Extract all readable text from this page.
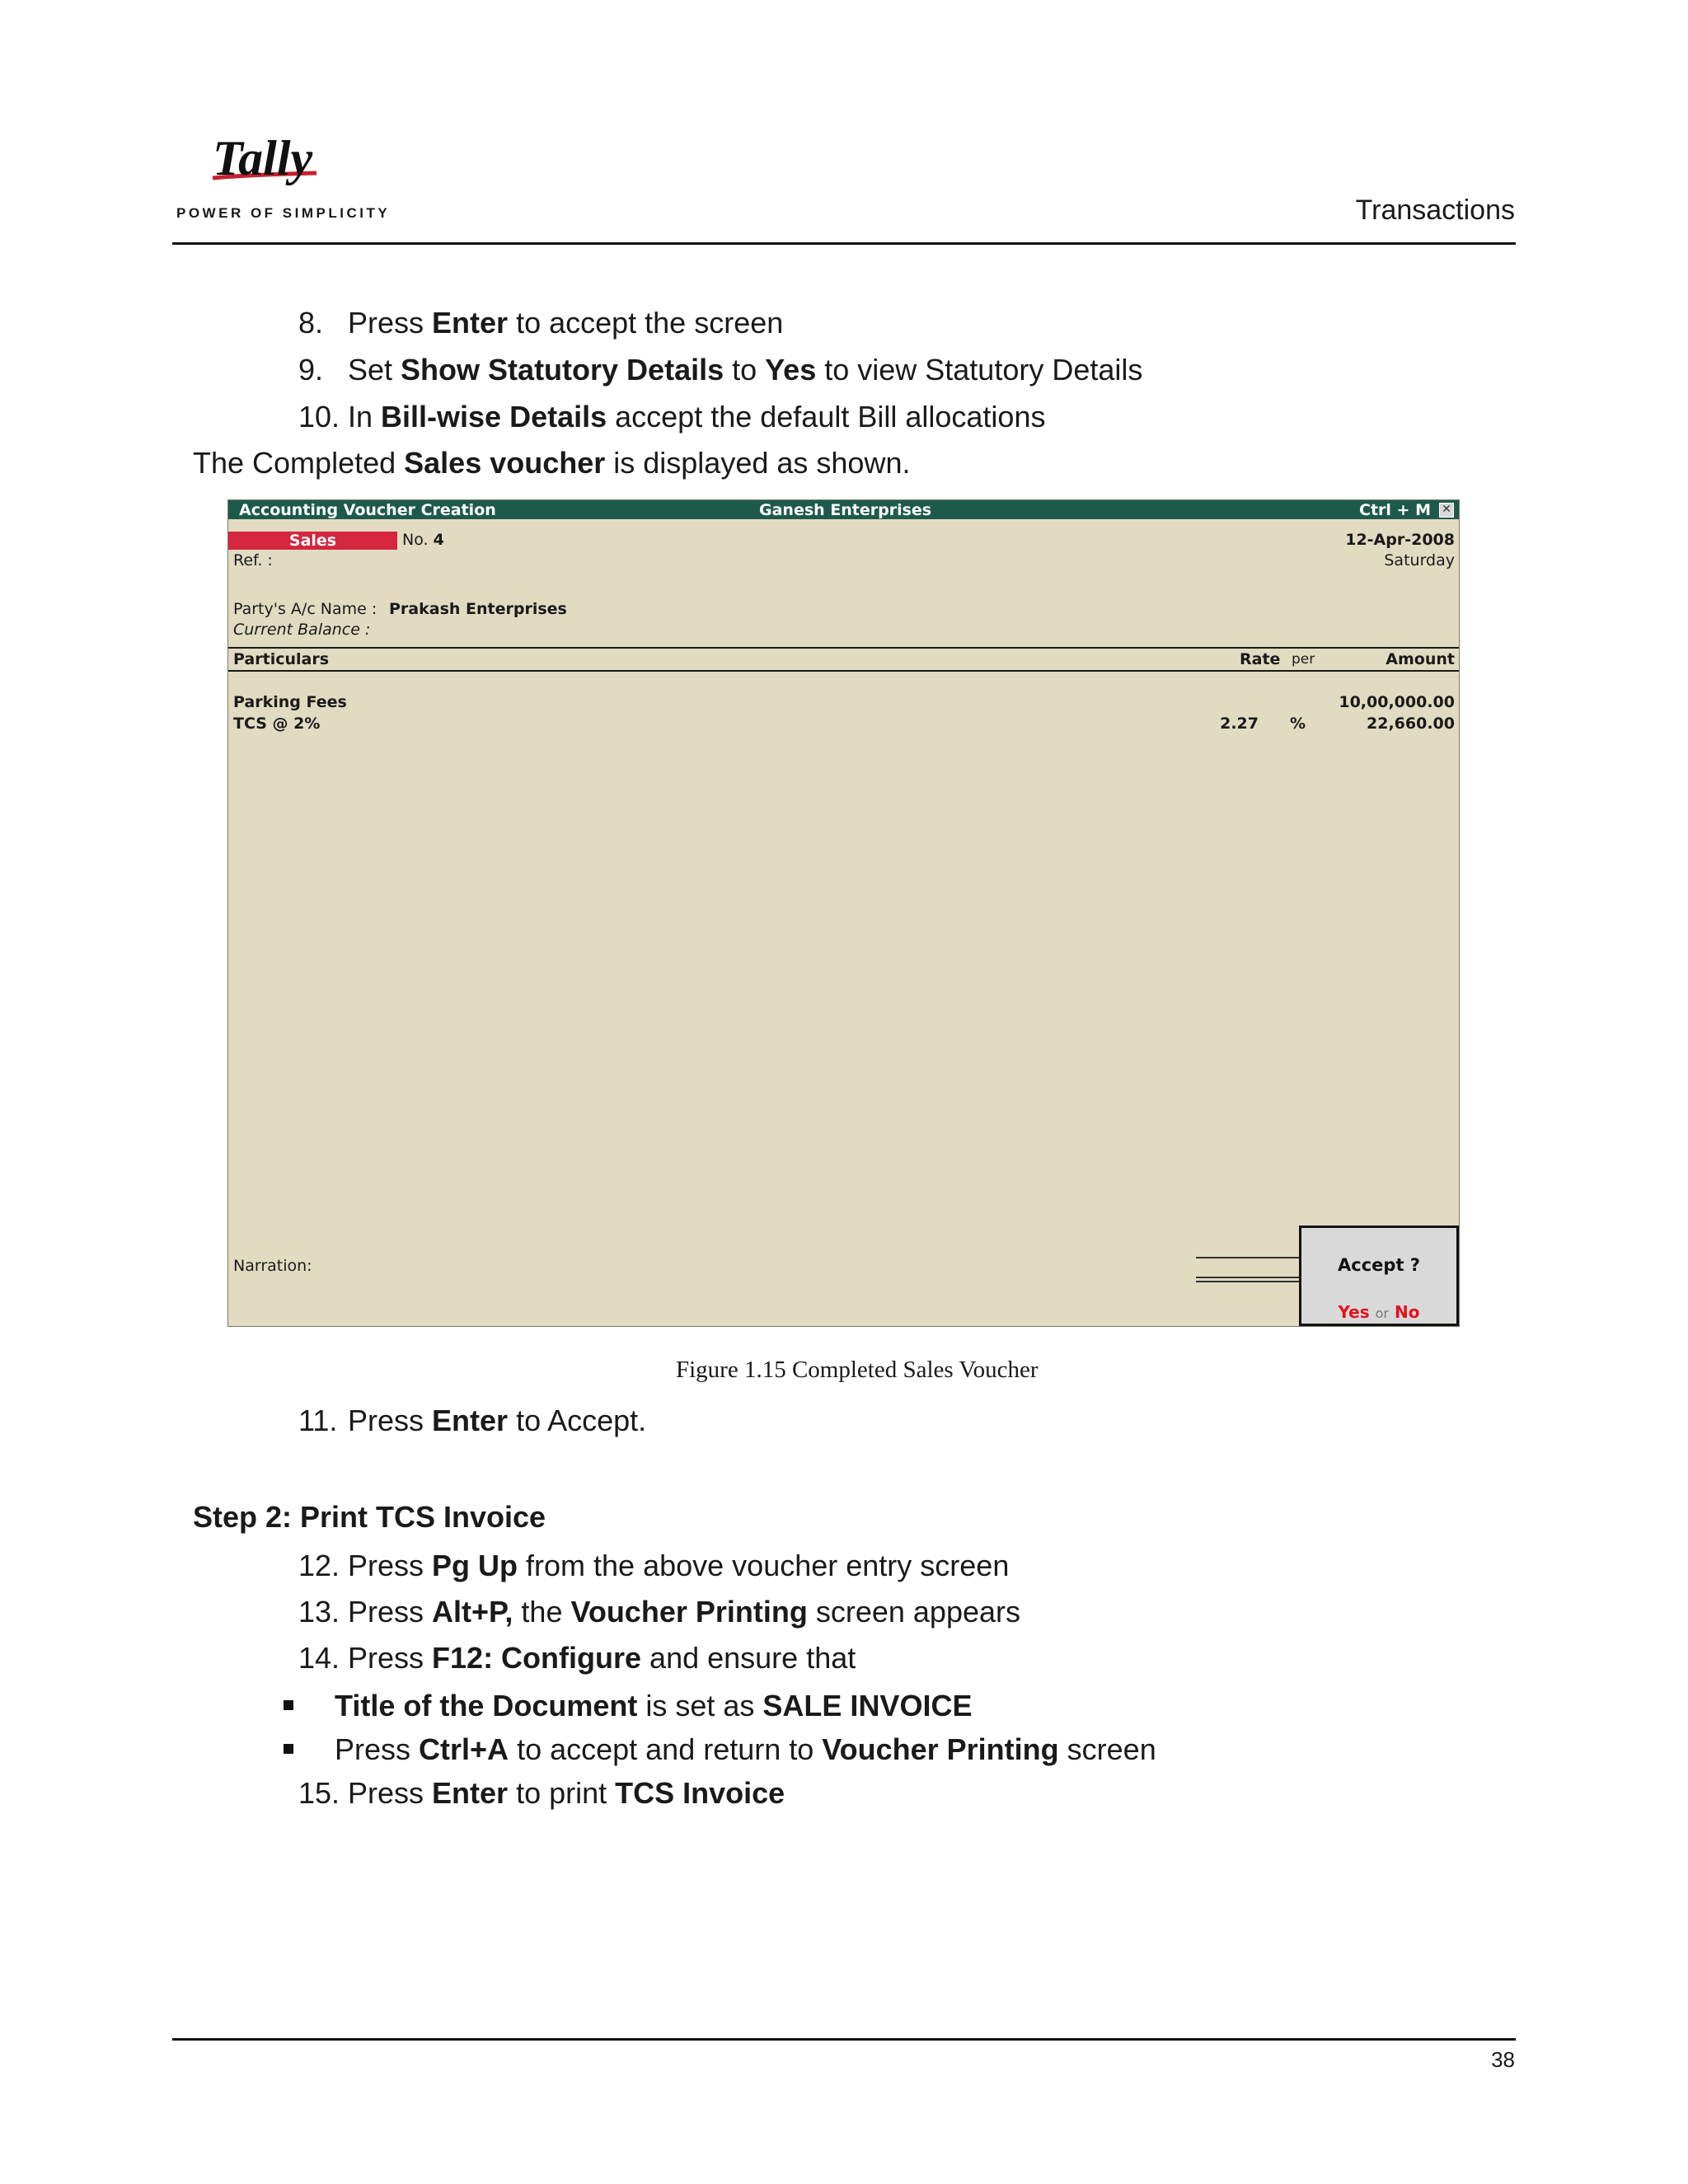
Tally
POWER OF SIMPLICITY	Transactions
8. Press Enter to accept the screen
9. Set Show Statutory Details to Yes to view Statutory Details
10. In Bill-wise Details accept the default Bill allocations
The Completed Sales voucher is displayed as shown.
Accounting Voucher Creation	Ganesh Enterprises	Ctrl + M ✕
Sales	No. 4	12-Apr-2008
Saturday
Ref. :
Party's A/c Name : Prakash Enterprises
Current Balance :
Particulars	Rate per	Amount
Parking Fees	10,00,000.00
TCS @ 2%	2.27 %	22,660.00
Narration:	Accept ?
Yes or No
Figure 1.15 Completed Sales Voucher
11. Press Enter to Accept.
Step 2: Print TCS Invoice
12. Press Pg Up from the above voucher entry screen
13. Press Alt+P, the Voucher Printing screen appears
14. Press F12: Configure and ensure that
Title of the Document is set as SALE INVOICE
Press Ctrl+A to accept and return to Voucher Printing screen
15. Press Enter to print TCS Invoice
38
